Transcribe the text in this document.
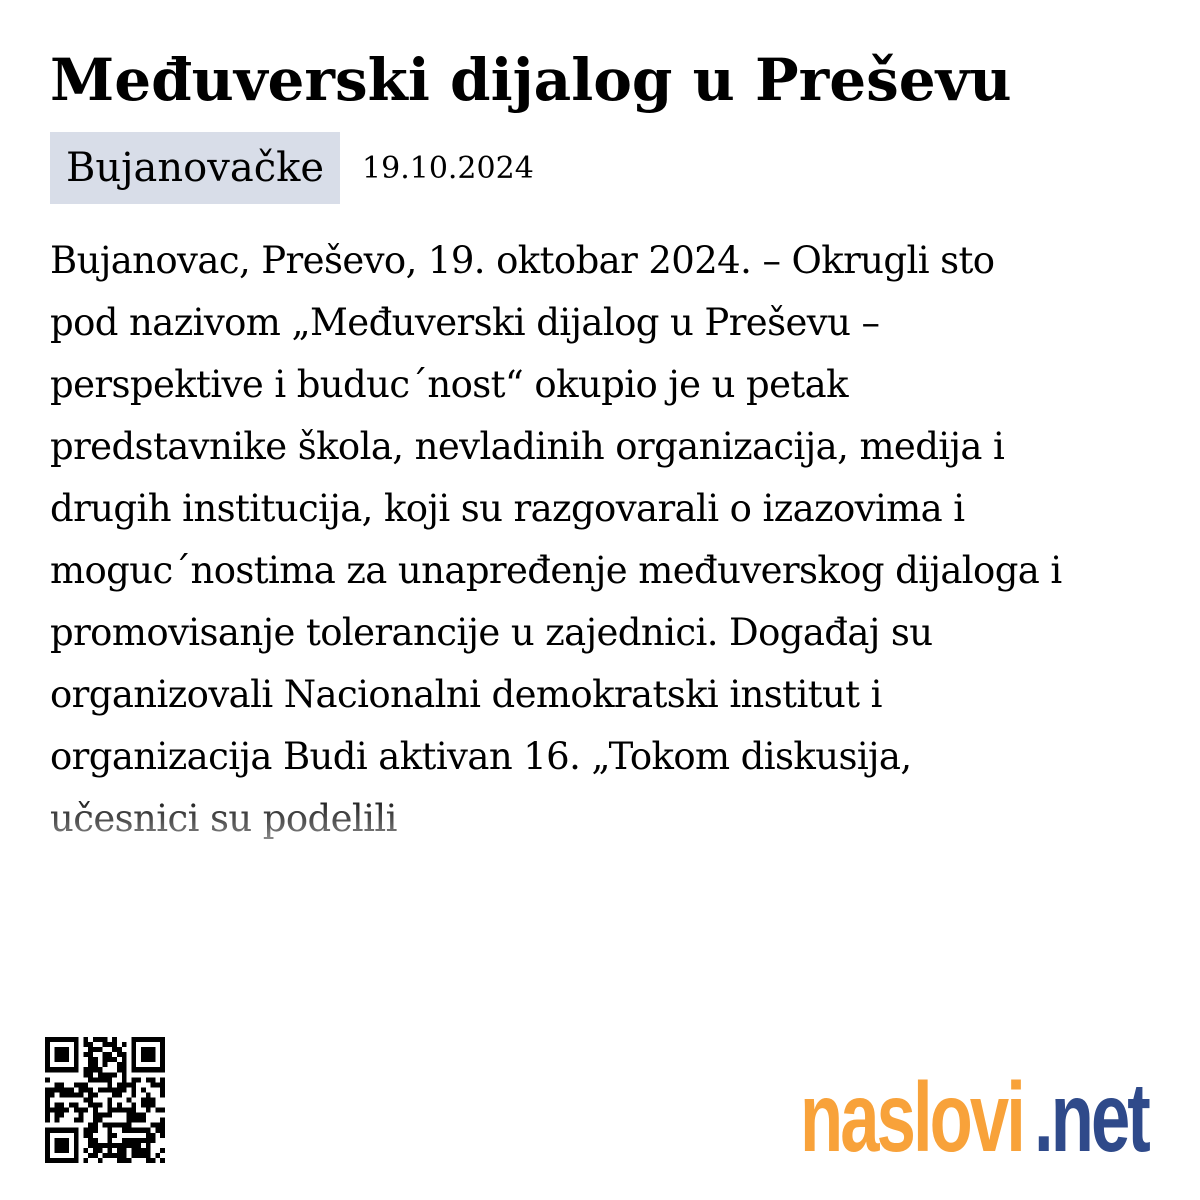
Međuverski dijalog u Preševu
Bujanovačke	19.10.2024
Bujanovac, Preševo, 19. oktobar 2024. – Okrugli sto
pod nazivom „Međuverski dijalog u Preševu –
perspektive i buduc´nost“ okupio je u petak
predstavnike škola, nevladinih organizacija, medija i
drugih institucija, koji su razgovarali o izazovima i
moguc´nostima za unapređenje međuverskog dijaloga i
promovisanje tolerancije u zajednici. Događaj su
organizovali Nacionalni demokratski institut i
organizacija Budi aktivan 16. „Tokom diskusija,
učesnici su podelili
naslovi .net
